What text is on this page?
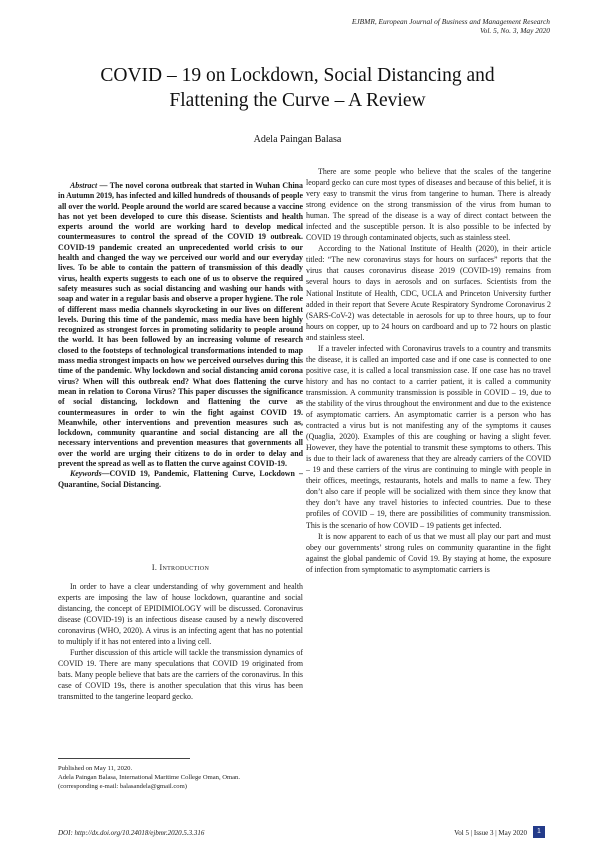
EJBMR, European Journal of Business and Management Research
Vol. 5, No. 3, May 2020
COVID – 19 on Lockdown, Social Distancing and
Flattening the Curve – A Review
Adela Paingan Balasa

Abstract — The novel corona outbreak that started in Wuhan China in Autumn 2019, has infected and killed hundreds of thousands of people all over the world. People around the world are scared because a vaccine has not yet been developed to cure this disease. Scientists and health experts around the world are working hard to develop medical countermeasures to control the spread of the COVID 19 outbreak. COVID-19 pandemic created an unprecedented world crisis to our health and changed the way we perceived our world and our everyday lives. To be able to contain the pattern of transmission of this deadly virus, health experts suggests to each one of us to observe the required safety measures such as social distancing and washing our hands with soap and water in a regular basis and observe a proper hygiene. The role of different mass media channels skyrocketing in our lives on different levels. During this time of the pandemic, mass media have been highly recognized as strongest forces in promoting solidarity to people around the world. It has been followed by an increasing volume of research closed to the footsteps of technological transformations intended to map mass media strongest impacts on how we perceived ourselves during this time of the pandemic. Why lockdown and social distancing amid corona virus? When will this outbreak end? What does flattening the curve mean in relation to Corona Virus? This paper discusses the significance of social distancing, lockdown and flattening the curve as countermeasures in order to win the fight against COVID 19. Meanwhile, other interventions and prevention measures such as, lockdown, community quarantine and social distancing are all the necessary interventions and prevention measures that governments all over the world are urging their citizens to do in order to delay and prevent the spread as well as to flatten the curve against COVID-19.

Keywords—COVID 19, Pandemic, Flattening Curve, Lockdown – Quarantine, Social Distancing.

I. Introduction

In order to have a clear understanding of why government and health experts are imposing the law of house lockdown, quarantine and social distancing, the concept of EPIDIMIOLOGY will be discussed. Coronavirus disease (COVID-19) is an infectious disease caused by a newly discovered coronavirus (WHO, 2020). A virus is an infecting agent that has no potential to multiply if it has not entered into a living cell.

Further discussion of this article will tackle the transmission dynamics of COVID 19. There are many speculations that COVID 19 originated from bats. Many people believe that bats are the carriers of the coronavirus. In this case of COVID 19s, there is another speculation that this virus has been transmitted to the tangerine leopard gecko.

There are some people who believe that the scales of the tangerine leopard gecko can cure most types of diseases and because of this belief, it is very easy to transmit the virus from tangerine to human. There is already strong evidence on the strong transmission of the virus from human to human. The spread of the disease is a way of direct contact between the infected and the susceptible person. It is also possible to be infected by COVID 19 through contaminated objects, such as stainless steel.

According to the National Institute of Health (2020), in their article titled: “The new coronavirus stays for hours on surfaces” reports that the virus that causes coronavirus disease 2019 (COVID-19) remains from several hours to days in aerosols and on surfaces. Scientists from the National Institute of Health, CDC, UCLA and Princeton University further added in their report that Severe Acute Respiratory Syndrome Coronavirus 2 (SARS-CoV-2) was detectable in aerosols for up to three hours, up to four hours on copper, up to 24 hours on cardboard and up to 72 hours on plastic and stainless steel.

If a traveler infected with Coronavirus travels to a country and transmits the disease, it is called an imported case and if one case is connected to one positive case, it is called a local transmission case. If one case has no travel history and has no contact to a carrier patient, it is called a community transmission. A community transmission is possible in COVID – 19, due to the stability of the virus throughout the environment and due to the existence of asymptomatic carriers. An asymptomatic carrier is a person who has contracted a virus but is not manifesting any of the symptoms it causes (Quaglia, 2020). Examples of this are coughing or having a slight fever. However, they have the potential to transmit these symptoms to others. This is due to their lack of awareness that they are already carriers of the COVID – 19 and these carriers of the virus are continuing to mingle with people in their offices, meetings, restaurants, hotels and malls to name a few. They don’t also care if people will be socialized with them since they know that they don’t have any travel histories to infected countries. Due to these profiles of COVID – 19, there are possibilities of community transmission. This is the scenario of how COVID – 19 patients get infected.

It is now apparent to each of us that we must all play our part and must obey our governments’ strong rules on community quarantine in the fight against the global pandemic of Covid 19. By staying at home, the exposure of infection from symptomatic to asymptomatic carriers is

Published on May 11, 2020.
Adela Paingan Balasa, International Maritime College Oman, Oman.
(corresponding e-mail: balasandela@gmail.com)
DOI: http://dx.doi.org/10.24018/ejbmr.2020.5.3.316	Vol 5 | Issue 3 | May 2020	1
